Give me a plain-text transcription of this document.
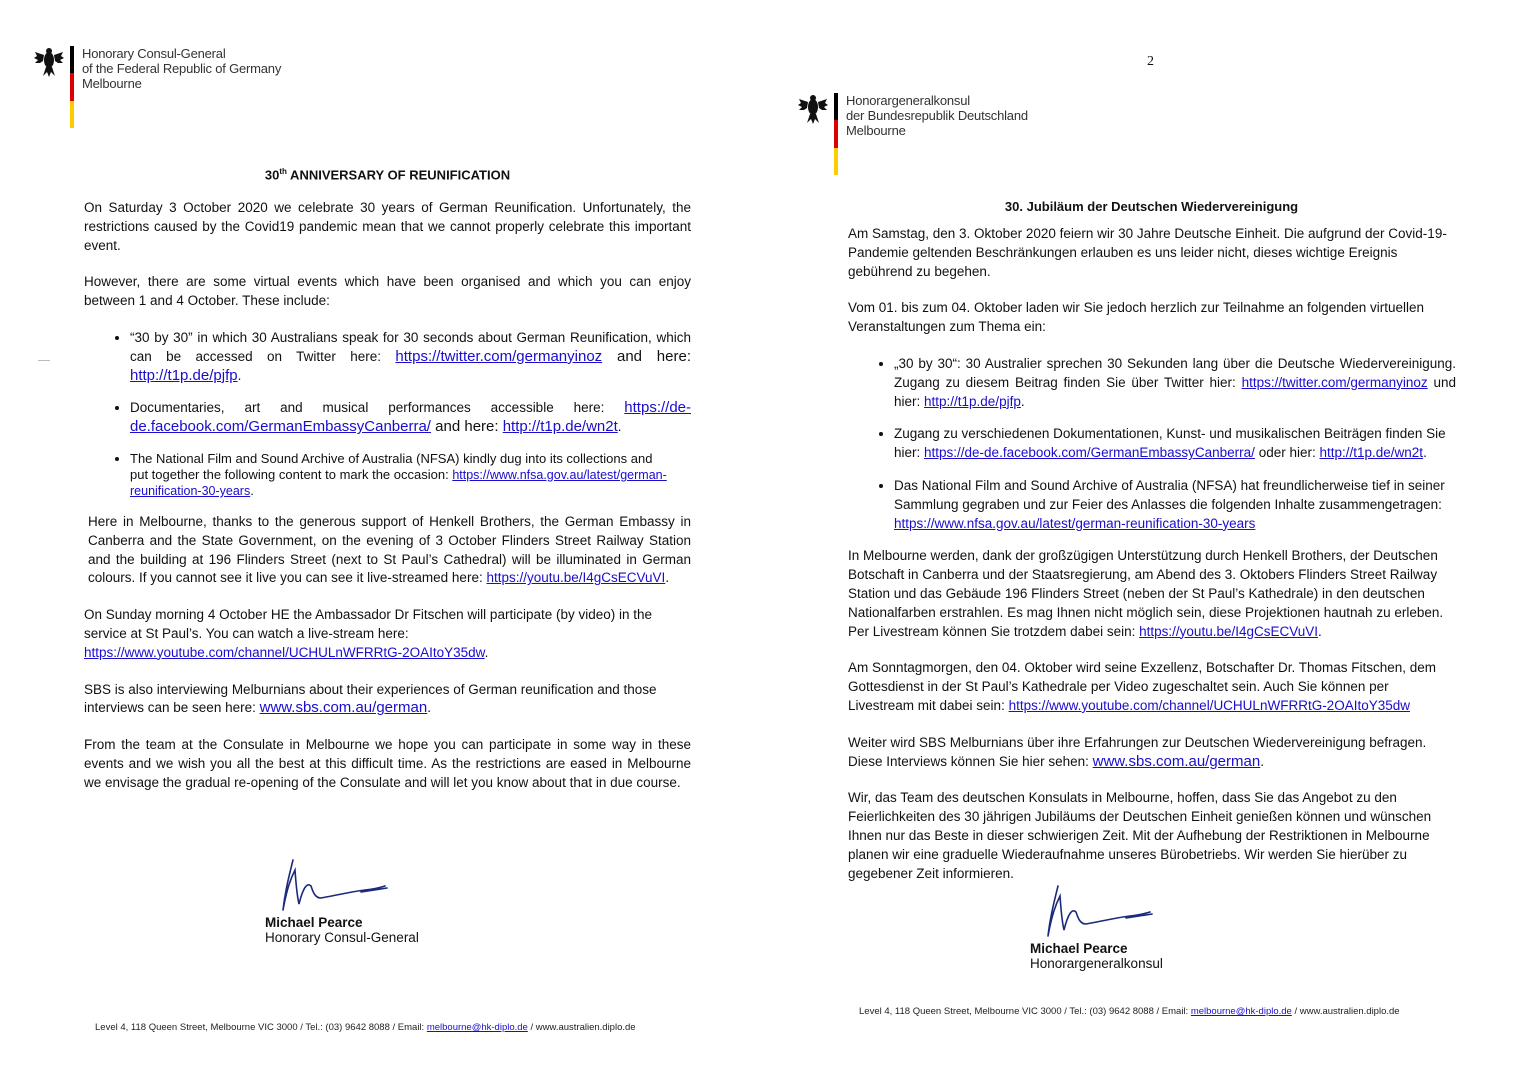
Honorary Consul-General
of the Federal Republic of Germany
Melbourne
30th ANNIVERSARY OF REUNIFICATION

On Saturday 3 October 2020 we celebrate 30 years of German Reunification. Unfortunately, the restrictions caused by the Covid19 pandemic mean that we cannot properly celebrate this important event.

However, there are some virtual events which have been organised and which you can enjoy between 1 and 4 October. These include:

• “30 by 30” in which 30 Australians speak for 30 seconds about German Reunification, which can be accessed on Twitter here: https://twitter.com/germanyinoz and here: http://t1p.de/pjfp.
• Documentaries, art and musical performances accessible here: https://de-de.facebook.com/GermanEmbassyCanberra/ and here: http://t1p.de/wn2t.
• The National Film and Sound Archive of Australia (NFSA) kindly dug into its collections and put together the following content to mark the occasion: https://www.nfsa.gov.au/latest/german-reunification-30-years.

Here in Melbourne, thanks to the generous support of Henkell Brothers, the German Embassy in Canberra and the State Government, on the evening of 3 October Flinders Street Railway Station and the building at 196 Flinders Street (next to St Paul’s Cathedral) will be illuminated in German colours. If you cannot see it live you can see it live-streamed here: https://youtu.be/I4gCsECVuVI.

On Sunday morning 4 October HE the Ambassador Dr Fitschen will participate (by video) in the service at St Paul’s. You can watch a live-stream here: https://www.youtube.com/channel/UCHULnWFRRtG-2OAItoY35dw.

SBS is also interviewing Melburnians about their experiences of German reunification and those interviews can be seen here: www.sbs.com.au/german.

From the team at the Consulate in Melbourne we hope you can participate in some way in these events and we wish you all the best at this difficult time. As the restrictions are eased in Melbourne we envisage the gradual re-opening of the Consulate and will let you know about that in due course.

Michael Pearce
Honorary Consul-General
Level 4, 118 Queen Street, Melbourne VIC 3000 / Tel.: (03) 9642 8088 / Email: melbourne@hk-diplo.de / www.australien.diplo.de
2
Honorargeneralkonsul
der Bundesrepublik Deutschland
Melbourne
30. Jubiläum der Deutschen Wiedervereinigung

Am Samstag, den 3. Oktober 2020 feiern wir 30 Jahre Deutsche Einheit. Die aufgrund der Covid-19-Pandemie geltenden Beschränkungen erlauben es uns leider nicht, dieses wichtige Ereignis gebührend zu begehen.

Vom 01. bis zum 04. Oktober laden wir Sie jedoch herzlich zur Teilnahme an folgenden virtuellen Veranstaltungen zum Thema ein:

• „30 by 30“: 30 Australier sprechen 30 Sekunden lang über die Deutsche Wiedervereinigung. Zugang zu diesem Beitrag finden Sie über Twitter hier: https://twitter.com/germanyinoz und hier: http://t1p.de/pjfp.
• Zugang zu verschiedenen Dokumentationen, Kunst- und musikalischen Beiträgen finden Sie hier: https://de-de.facebook.com/GermanEmbassyCanberra/ oder hier: http://t1p.de/wn2t.
• Das National Film and Sound Archive of Australia (NFSA) hat freundlicherweise tief in seiner Sammlung gegraben und zur Feier des Anlasses die folgenden Inhalte zusammengetragen: https://www.nfsa.gov.au/latest/german-reunification-30-years

In Melbourne werden, dank der großzügigen Unterstützung durch Henkell Brothers, der Deutschen Botschaft in Canberra und der Staatsregierung, am Abend des 3. Oktobers Flinders Street Railway Station und das Gebäude 196 Flinders Street (neben der St Paul’s Kathedrale) in den deutschen Nationalfarben erstrahlen. Es mag Ihnen nicht möglich sein, diese Projektionen hautnah zu erleben. Per Livestream können Sie trotzdem dabei sein: https://youtu.be/I4gCsECVuVI.

Am Sonntagmorgen, den 04. Oktober wird seine Exzellenz, Botschafter Dr. Thomas Fitschen, dem Gottesdienst in der St Paul’s Kathedrale per Video zugeschaltet sein. Auch Sie können per Livestream mit dabei sein: https://www.youtube.com/channel/UCHULnWFRRtG-2OAItoY35dw

Weiter wird SBS Melburnians über ihre Erfahrungen zur Deutschen Wiedervereinigung befragen. Diese Interviews können Sie hier sehen: www.sbs.com.au/german.

Wir, das Team des deutschen Konsulats in Melbourne, hoffen, dass Sie das Angebot zu den Feierlichkeiten des 30 jährigen Jubiläums der Deutschen Einheit genießen können und wünschen Ihnen nur das Beste in dieser schwierigen Zeit. Mit der Aufhebung der Restriktionen in Melbourne planen wir eine graduelle Wiederaufnahme unseres Bürobetriebs. Wir werden Sie hierüber zu gegebener Zeit informieren.

Michael Pearce
Honorargeneralkonsul
Level 4, 118 Queen Street, Melbourne VIC 3000 / Tel.: (03) 9642 8088 / Email: melbourne@hk-diplo.de / www.australien.diplo.de
